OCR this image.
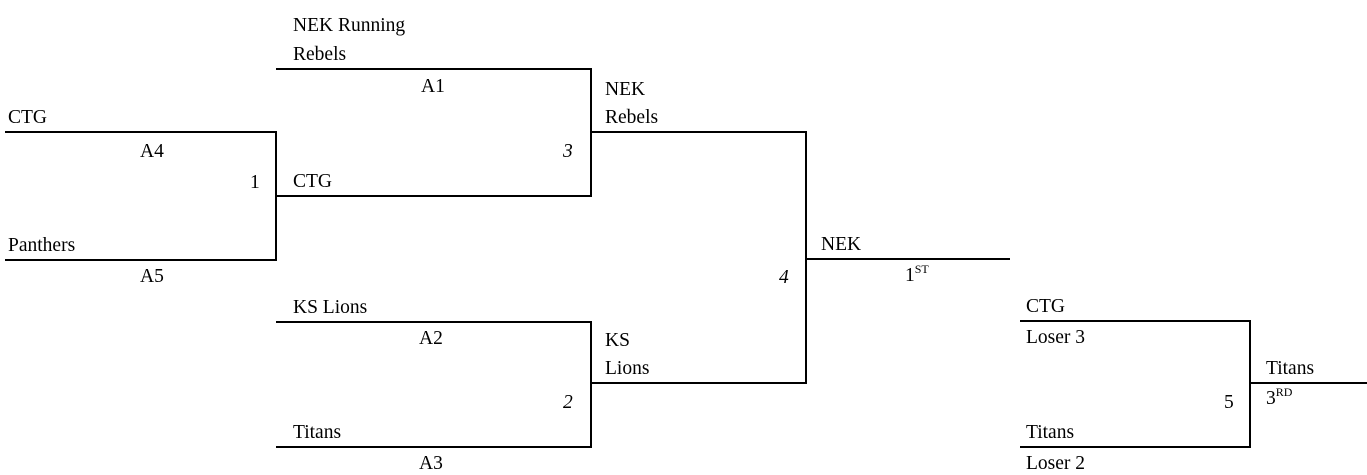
CTG
A4
1
Panthers
A5
NEK Running
Rebels
A1
CTG
3
KS Lions
A2
2
Titans
A3
NEK
Rebels
KS
Lions
4
NEK
1ST
CTG
Loser 3
5
Titans
Loser 2
Titans
3RD
